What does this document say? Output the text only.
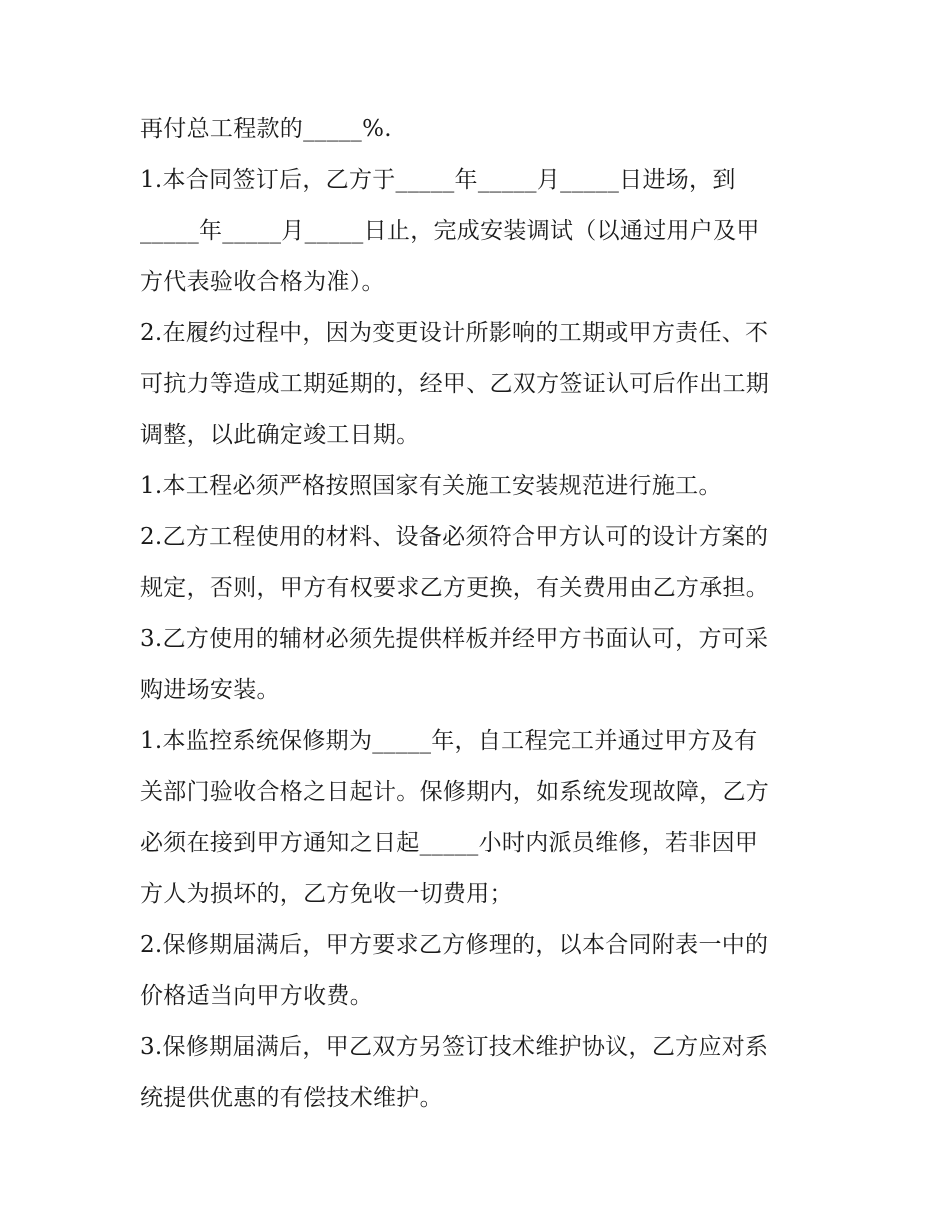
再付总工程款的_____%.
1.本合同签订后，乙方于_____年_____月_____日进场，到
_____年_____月_____日止，完成安装调试（以通过用户及甲
方代表验收合格为准）。
2.在履约过程中，因为变更设计所影响的工期或甲方责任、不
可抗力等造成工期延期的，经甲、乙双方签证认可后作出工期
调整，以此确定竣工日期。
1.本工程必须严格按照国家有关施工安装规范进行施工。
2.乙方工程使用的材料、设备必须符合甲方认可的设计方案的
规定，否则，甲方有权要求乙方更换，有关费用由乙方承担。
3.乙方使用的辅材必须先提供样板并经甲方书面认可，方可采
购进场安装。
1.本监控系统保修期为_____年，自工程完工并通过甲方及有
关部门验收合格之日起计。保修期内，如系统发现故障，乙方
必须在接到甲方通知之日起_____小时内派员维修，若非因甲
方人为损坏的，乙方免收一切费用；
2.保修期届满后，甲方要求乙方修理的，以本合同附表一中的
价格适当向甲方收费。
3.保修期届满后，甲乙双方另签订技术维护协议，乙方应对系
统提供优惠的有偿技术维护。
